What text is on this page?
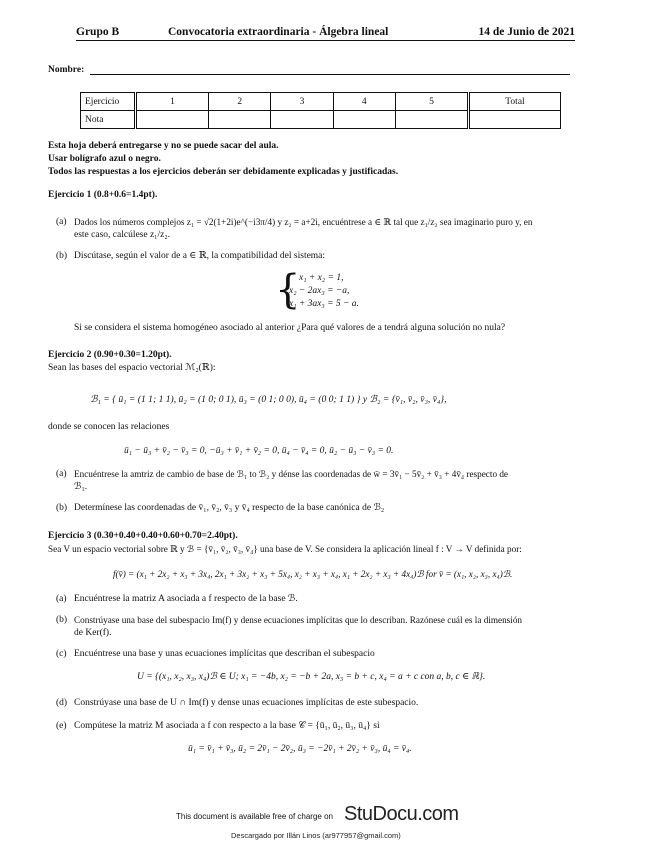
Grupo B	Convocatoria extraordinaria - Álgebra lineal	14 de Junio de 2021
Nombre:
Ejercicio	1	2	3	4	5	Total
Nota						
Esta hoja deberá entregarse y no se puede sacar del aula.
Usar bolígrafo azul o negro.
Todos las respuestas a los ejercicios deberán ser debidamente explicadas y justificadas.
Ejercicio 1 (0.8+0.6=1.4pt).
(a) Dados los números complejos z₁ = √2(1+2i)e^(−i3π/4) y z₂ = a+2i, encuéntrese a ∈ ℝ tal que z₁/z₂ sea imaginario puro y, en
este caso, calcúlese z₁/z₂.
(b) Discútase, según el valor de a ∈ ℝ, la compatibilidad del sistema:
{
x₁ + x₂ = 1,
x₂ − 2ax₃ = −a,
x₁ + 3ax₃ = 5 − a.
Si se considera el sistema homogéneo asociado al anterior ¿Para qué valores de a tendrá alguna solución no nula?
Ejercicio 2 (0.90+0.30=1.20pt).
Sean las bases del espacio vectorial ℳ₂(ℝ):
ℬ₁ = { ū₁ = (1 1; 1 1), ū₂ = (1 0; 0 1), ū₃ = (0 1; 0 0), ū₄ = (0 0; 1 1) } y ℬ₂ = {v̄₁, v̄₂, v̄₃, v̄₄},
donde se conocen las relaciones
ū₁ − ū₃ + v̄₂ − v̄₃ = 0, −ū₃ + v̄₁ + v̄₂ = 0, ū₄ − v̄₄ = 0, ū₂ − ū₃ − v̄₃ = 0.
(a) Encuéntrese la amtriz de cambio de base de ℬ₁ to ℬ₂ y dénse las coordenadas de w̄ = 3v̄₁ − 5v̄₂ + v̄₃ + 4v̄₄ respecto de
ℬ₁.
(b) Determínese las coordenadas de v̄₁, v̄₂, v̄₃ y v̄₄ respecto de la base canónica de ℬ₂
Ejercicio 3 (0.30+0.40+0.40+0.60+0.70=2.40pt).
Sea V un espacio vectorial sobre ℝ y ℬ = {v̄₁, v̄₂, v̄₃, v̄₄} una base de V. Se considera la aplicación lineal f : V → V definida por:
f(v̄) = (x₁ + 2x₂ + x₃ + 3x₄, 2x₁ + 3x₂ + x₃ + 5x₄, x₂ + x₃ + x₄, x₁ + 2x₂ + x₃ + 4x₄)ℬ for v̄ = (x₁, x₂, x₃, x₄)ℬ.
(a) Encuéntrese la matriz A asociada a f respecto de la base ℬ.
(b) Constrúyase una base del subespacio Im(f) y dense ecuaciones implícitas que lo describan. Razónese cuál es la dimensión
de Ker(f).
(c) Encuéntrese una base y unas ecuaciones implícitas que describan el subespacio
U = {(x₁, x₂, x₃, x₄)ℬ ∈ U; x₁ = −4b, x₂ = −b + 2a, x₃ = b + c, x₄ = a + c con a, b, c ∈ ℝ}.
(d) Constrúyase una base de U ∩ Im(f) y dense unas ecuaciones implícitas de este subespacio.
(e) Compútese la matriz M asociada a f con respecto a la base 𝒞 = {ū₁, ū₂, ū₃, ū₄} si
ū₁ = v̄₁ + v̄₃, ū₂ = 2v̄₁ − 2v̄₂, ū₃ = −2v̄₁ + 2v̄₂ + v̄₃, ū₄ = v̄₄.
This document is available free of charge on StuDocu.com
Descargado por Illán Linos (ar977957@gmail.com)
